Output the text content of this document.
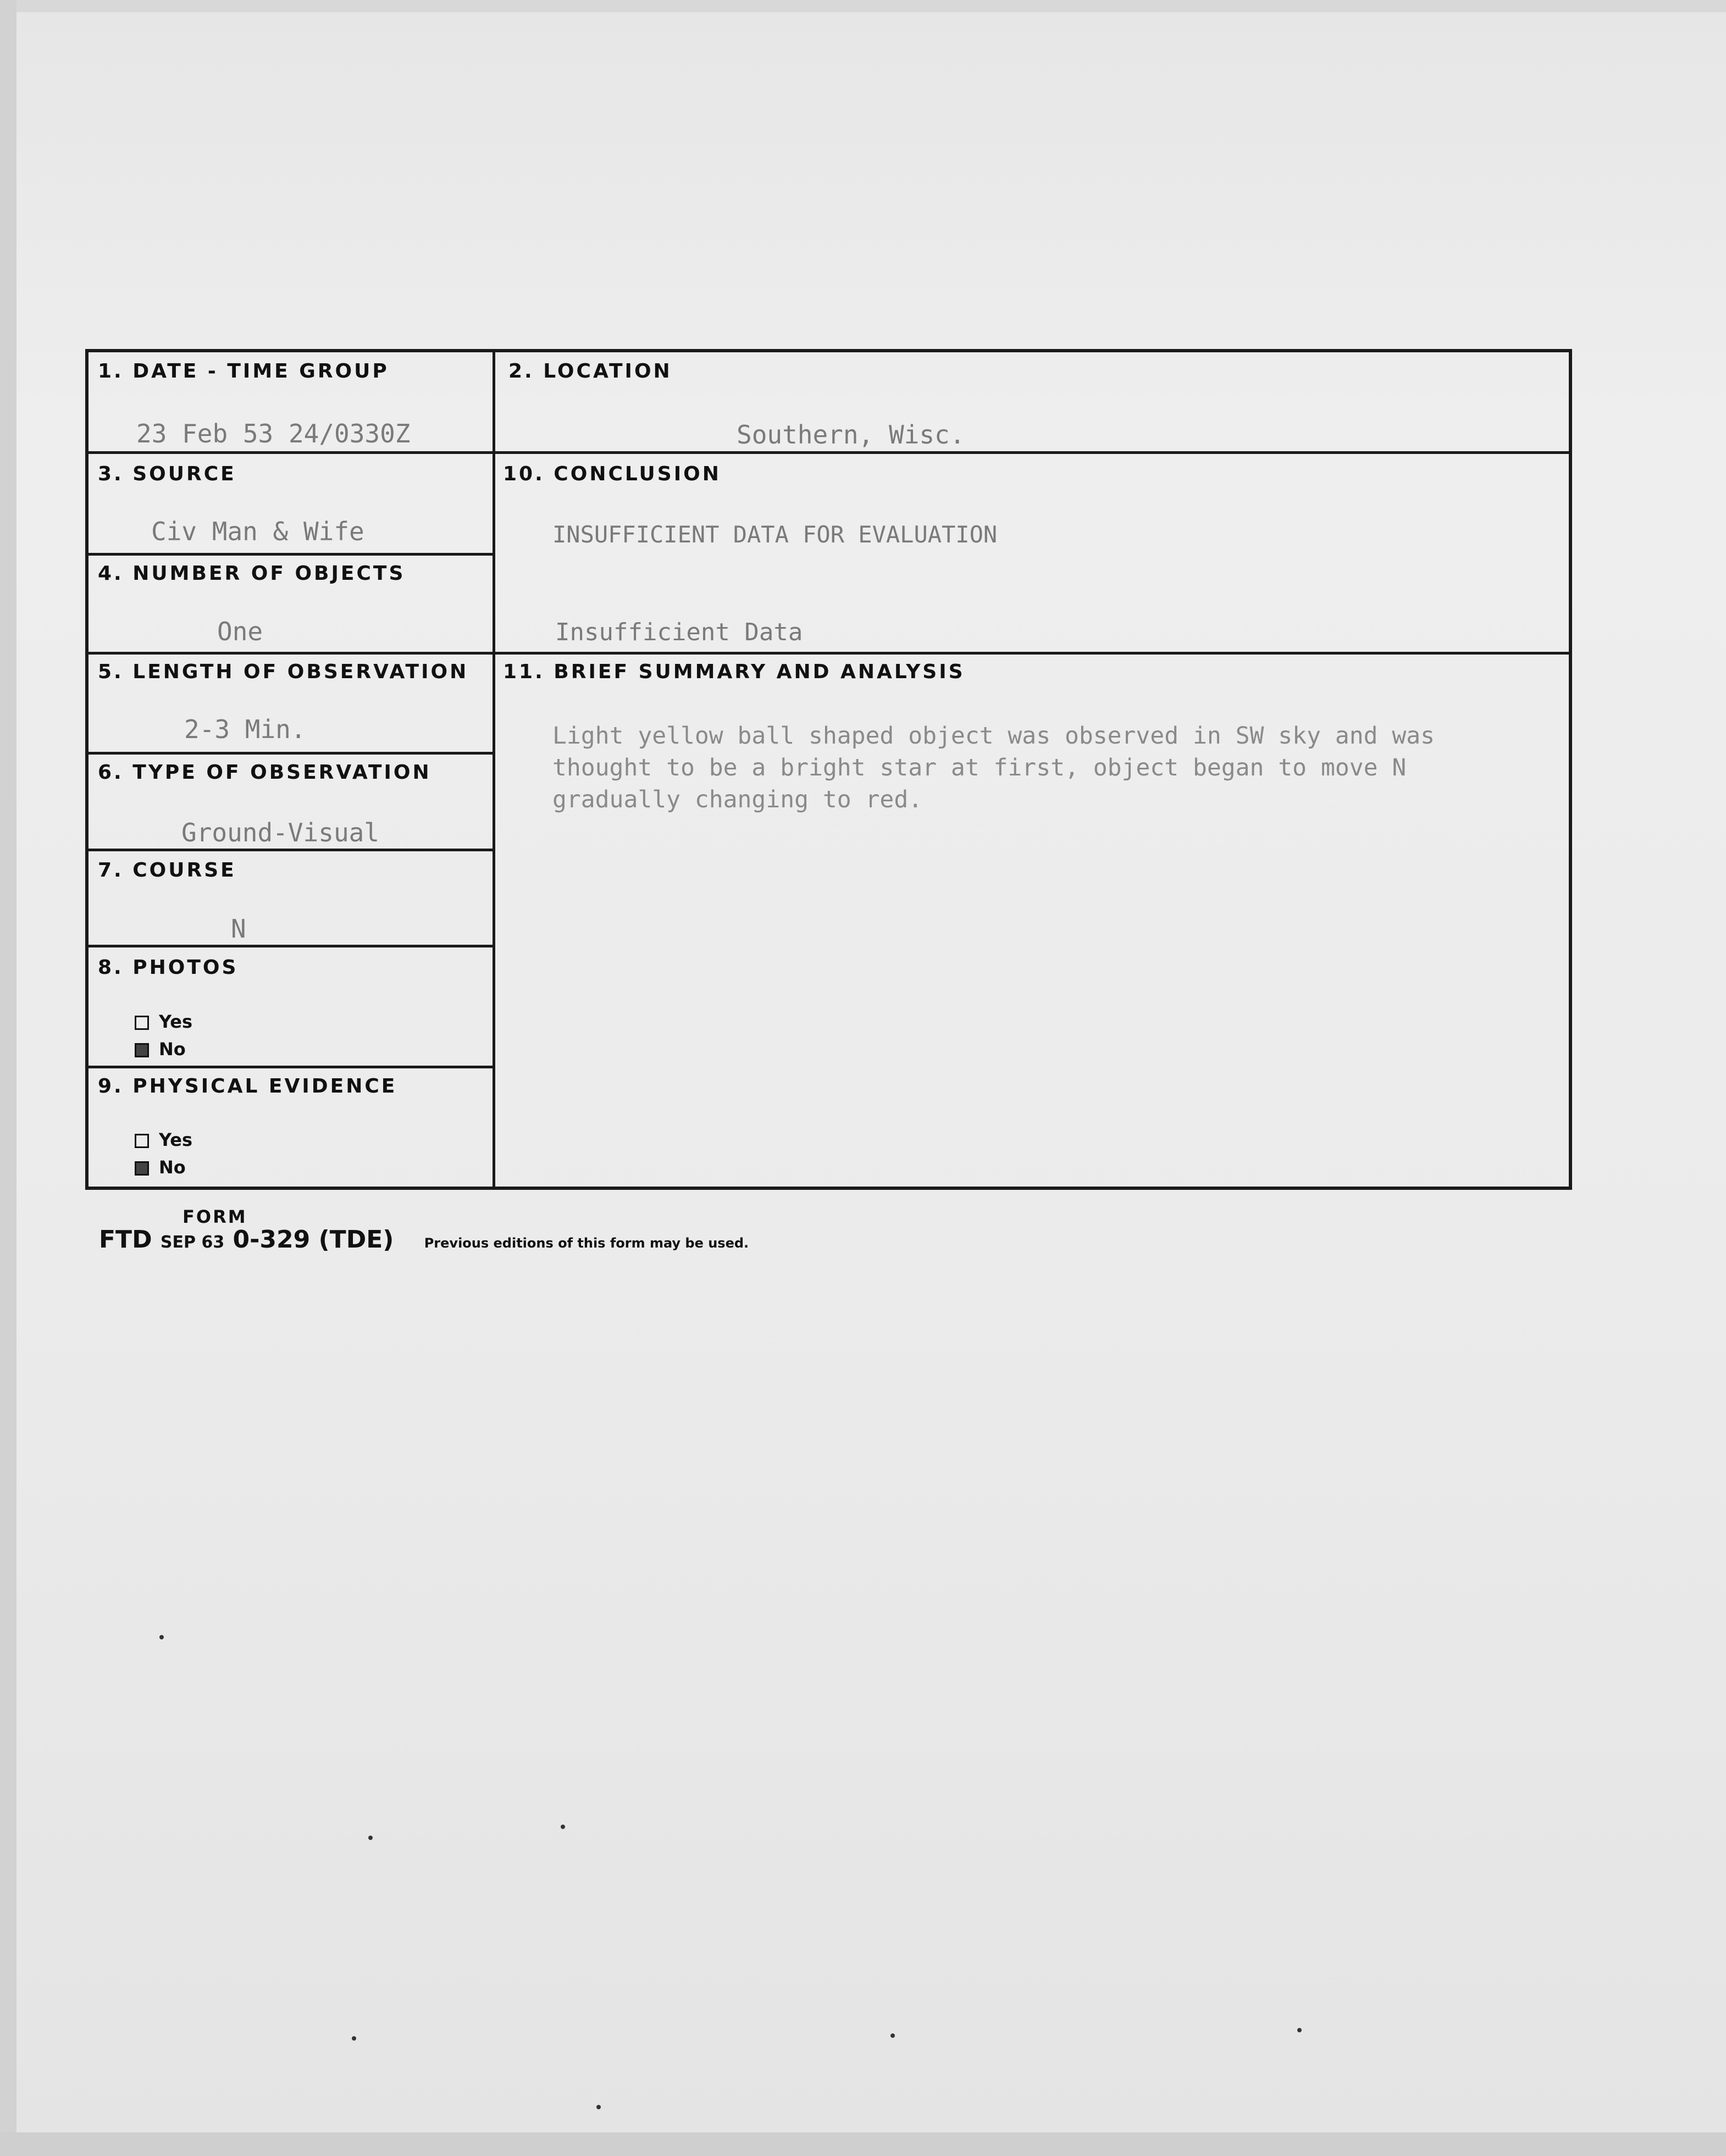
1. DATE - TIME GROUP
23 Feb 53 24/0330Z
2. LOCATION
Southern, Wisc.
3. SOURCE
Civ Man & Wife
10. CONCLUSION
INSUFFICIENT DATA FOR EVALUATION
Insufficient Data
4. NUMBER OF OBJECTS
One
5. LENGTH OF OBSERVATION
2-3 Min.
11. BRIEF SUMMARY AND ANALYSIS
Light yellow ball shaped object was observed in SW sky and was thought to be a bright star at first, object began to move N gradually changing to red.
6. TYPE OF OBSERVATION
Ground-Visual
7. COURSE
N
8. PHOTOS
Yes
No
9. PHYSICAL EVIDENCE
Yes
No
FORM
FTD SEP 63 0-329 (TDE) Previous editions of this form may be used.
